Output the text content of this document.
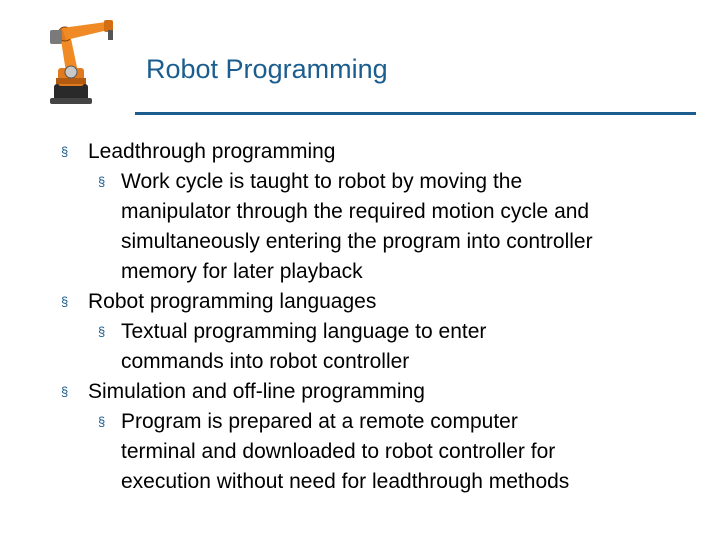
Robot Programming
§ Leadthrough programming
§ Work cycle is taught to robot by moving the
manipulator through the required motion cycle and
simultaneously entering the program into controller
memory for later playback
§ Robot programming languages
§ Textual programming language to enter
commands into robot controller
§ Simulation and off-line programming
§ Program is prepared at a remote computer
terminal and downloaded to robot controller for
execution without need for leadthrough methods
